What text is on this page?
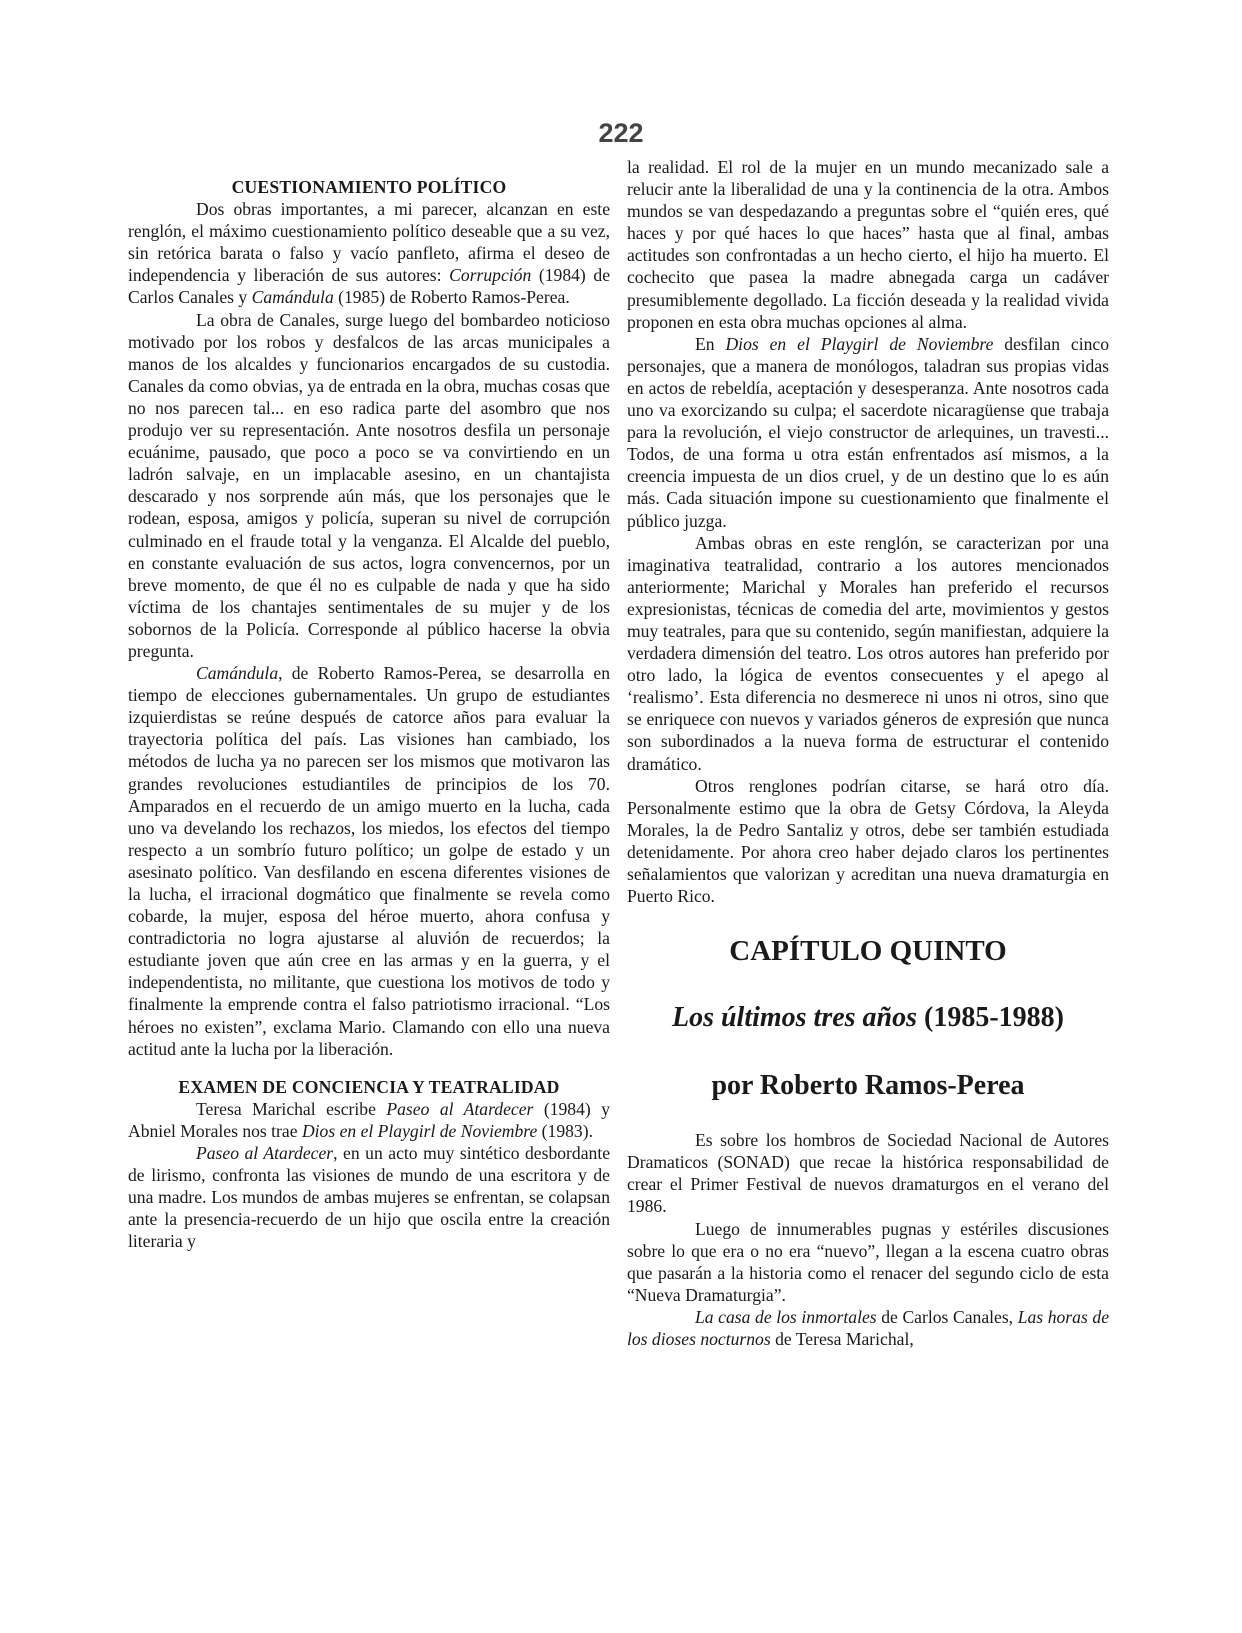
222
CUESTIONAMIENTO POLÍTICO

Dos obras importantes, a mi parecer, alcanzan en este renglón, el máximo cuestionamiento político deseable que a su vez, sin retórica barata o falso y vacío panfleto, afirma el deseo de independencia y liberación de sus autores: Corrupción (1984) de Carlos Canales y Camándula (1985) de Roberto Ramos-Perea.

La obra de Canales, surge luego del bombardeo noticioso motivado por los robos y desfalcos de las arcas municipales a manos de los alcaldes y funcionarios encargados de su custodia. Canales da como obvias, ya de entrada en la obra, muchas cosas que no nos parecen tal... en eso radica parte del asombro que nos produjo ver su representación. Ante nosotros desfila un personaje ecuánime, pausado, que poco a poco se va convirtiendo en un ladrón salvaje, en un implacable asesino, en un chantajista descarado y nos sorprende aún más, que los personajes que le rodean, esposa, amigos y policía, superan su nivel de corrupción culminado en el fraude total y la venganza. El Alcalde del pueblo, en constante evaluación de sus actos, logra convencernos, por un breve momento, de que él no es culpable de nada y que ha sido víctima de los chantajes sentimentales de su mujer y de los sobornos de la Policía. Corresponde al público hacerse la obvia pregunta.

Camándula, de Roberto Ramos-Perea, se desarrolla en tiempo de elecciones gubernamentales. Un grupo de estudiantes izquierdistas se reúne después de catorce años para evaluar la trayectoria política del país. Las visiones han cambiado, los métodos de lucha ya no parecen ser los mismos que motivaron las grandes revoluciones estudiantiles de principios de los 70. Amparados en el recuerdo de un amigo muerto en la lucha, cada uno va develando los rechazos, los miedos, los efectos del tiempo respecto a un sombrío futuro político; un golpe de estado y un asesinato político. Van desfilando en escena diferentes visiones de la lucha, el irracional dogmático que finalmente se revela como cobarde, la mujer, esposa del héroe muerto, ahora confusa y contradictoria no logra ajustarse al aluvión de recuerdos; la estudiante joven que aún cree en las armas y en la guerra, y el independentista, no militante, que cuestiona los motivos de todo y finalmente la emprende contra el falso patriotismo irracional. “Los héroes no existen”, exclama Mario. Clamando con ello una nueva actitud ante la lucha por la liberación.

EXAMEN DE CONCIENCIA Y TEATRALIDAD

Teresa Marichal escribe Paseo al Atardecer (1984) y Abniel Morales nos trae Dios en el Playgirl de Noviembre (1983).

Paseo al Atardecer, en un acto muy sintético desbordante de lirismo, confronta las visiones de mundo de una escritora y de una madre. Los mundos de ambas mujeres se enfrentan, se colapsan ante la presencia-recuerdo de un hijo que oscila entre la creación literaria y

la realidad. El rol de la mujer en un mundo mecanizado sale a relucir ante la liberalidad de una y la continencia de la otra. Ambos mundos se van despedazando a preguntas sobre el “quién eres, qué haces y por qué haces lo que haces” hasta que al final, ambas actitudes son confrontadas a un hecho cierto, el hijo ha muerto. El cochecito que pasea la madre abnegada carga un cadáver presumiblemente degollado. La ficción deseada y la realidad vivida proponen en esta obra muchas opciones al alma.

En Dios en el Playgirl de Noviembre desfilan cinco personajes, que a manera de monólogos, taladran sus propias vidas en actos de rebeldía, aceptación y desesperanza. Ante nosotros cada uno va exorcizando su culpa; el sacerdote nicaragüense que trabaja para la revolución, el viejo constructor de arlequines, un travesti... Todos, de una forma u otra están enfrentados así mismos, a la creencia impuesta de un dios cruel, y de un destino que lo es aún más. Cada situación impone su cuestionamiento que finalmente el público juzga.

Ambas obras en este renglón, se caracterizan por una imaginativa teatralidad, contrario a los autores mencionados anteriormente; Marichal y Morales han preferido el recursos expresionistas, técnicas de comedia del arte, movimientos y gestos muy teatrales, para que su contenido, según manifiestan, adquiere la verdadera dimensión del teatro. Los otros autores han preferido por otro lado, la lógica de eventos consecuentes y el apego al ‘realismo’. Esta diferencia no desmerece ni unos ni otros, sino que se enriquece con nuevos y variados géneros de expresión que nunca son subordinados a la nueva forma de estructurar el contenido dramático.

Otros renglones podrían citarse, se hará otro día. Personalmente estimo que la obra de Getsy Córdova, la Aleyda Morales, la de Pedro Santaliz y otros, debe ser también estudiada detenidamente. Por ahora creo haber dejado claros los pertinentes señalamientos que valorizan y acreditan una nueva dramaturgia en Puerto Rico.

CAPÍTULO QUINTO
Los últimos tres años (1985-1988)
por Roberto Ramos-Perea

Es sobre los hombros de Sociedad Nacional de Autores Dramaticos (SONAD) que recae la histórica responsabilidad de crear el Primer Festival de nuevos dramaturgos en el verano del 1986.

Luego de innumerables pugnas y estériles discusiones sobre lo que era o no era “nuevo”, llegan a la escena cuatro obras que pasarán a la historia como el renacer del segundo ciclo de esta “Nueva Dramaturgia”.

La casa de los inmortales de Carlos Canales, Las horas de los dioses nocturnos de Teresa Marichal,
